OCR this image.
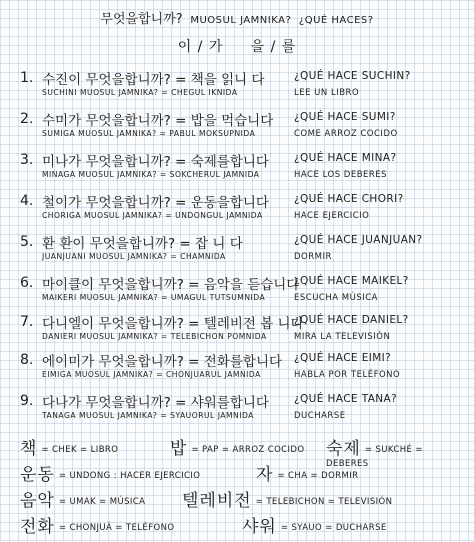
무엇을합니까? MUOSUL JAMNIKA? ¿QUÉ HACES?
이 / 가     을 / 를
1. 수진이 무엇을합니까? = 책을 읽니 다	¿QUÉ HACE SUCHIN?
SUCHINI MUOSUL JAMNIKA? = CHEGUL IKNIDA	LEE UN LIBRO
2. 수미가 무엇을합니까? = 밥을 먹습니다 ¿QUÉ HACE SUMI?
SUMIGA MUOSUL JAMNIKA? = PABUL MOKSUPNIDA	COME ARROZ COCIDO
3. 미나가 무엇을합니까? = 숙제를합니다 ¿QUÉ HACE MINA?
MINAGA MUOSUL JAMNIKA? = SOKCHERUL JAMNIDA	HACE LOS DEBERES
4. 철이가 무엇을합니까? = 운동을합니다 ¿QUÉ HACE CHORI?
CHORIGA MUOSUL JAMNIKA? = UNDONGUL JAMNIDA	HACE EJERCICIO
5. 환 환이 무엇을합니까? = 잡 니 다	¿QUÉ HACE JUANJUAN?
JUANJUANI MUOSUL JAMNIKA? = CHAMNIDA	DORMIR
6. 마이클이 무엇을합니까? = 음악을 듣습니다
¿QUÉ HACE MAIKEL?
MAIKERI MUOSUL JAMNIKA? = UMAGUL TUTSUMNIDA	ESCUCHA MÚSICA
7. 다니엘이 무엇을합니까? = 텔레비전 봅 니다
¿QUÉ HACE DANIEL?
DANIERI MUOSUL JAMNIKA? = TELEBICHON POMNIDA	MIRA LA TELEVISIÓN
8. 에이미가 무엇을합니까? = 전화를합니다 ¿QUÉ HACE EIMI?
EIMIGA MUOSUL JAMNIKA? = CHONJUARUL JAMNIDA	HABLA POR TELÉFONO
9. 다나가 무엇을합니까? = 샤워를합니다 ¿QUÉ HACE TANA?
TANAGA MUOSUL JAMNIKA? = SYAUORUL JAMNIDA	DUCHARSE
책 = CHEK = LIBRO	밥 = PAP = ARROZ COCIDO 숙제 = SUKCHÉ = DEBERES
운동 = UNDONG : HACER EJERCICIO	자 = CHA = DORMIR
음악 = UMAK = MÚSICA 텔레비전 = TELEBICHON = TELEVISIÓN
전화 = CHONJUÁ = TELÉFONO	샤워 = SYAUO = DUCHARSE
